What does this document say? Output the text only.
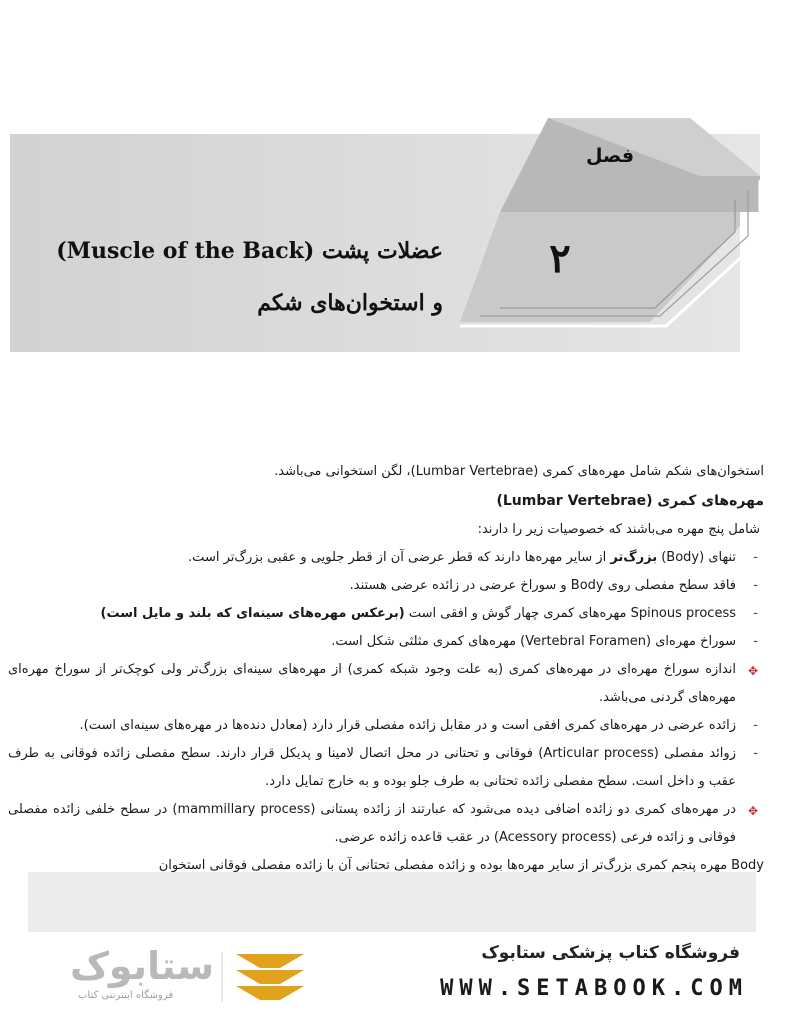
فصل
۲
عضلات پشت (Muscle of the Back)
و استخوان‌های شکم

استخوان‌های شکم شامل مهره‌های کمری (Lumbar Vertebrae)، لگن استخوانی می‌باشد.

مهره‌های کمری (Lumbar Vertebrae)

شامل پنج مهره می‌باشند که خصوصیات زیر را دارند:

-
تنهای (Body) بزرگ‌تر از سایر مهره‌ها دارند که قطر عرضی آن از قطر جلویی و عقبی بزرگ‌تر است.
-
فاقد سطح مفصلی روی Body و سوراخ عرضی در زائده عرضی هستند.
-
Spinous process مهره‌های کمری چهار گوش و افقی است (برعکس مهره‌های سینه‌ای که بلند و مایل است)
-
سوراخ مهره‌ای (Vertebral Foramen) مهره‌های کمری مثلثی شکل است.
✥
اندازه سوراخ مهره‌ای در مهره‌های کمری (به علت وجود شبکه کمری) از مهره‌های سینه‌ای بزرگ‌تر ولی کوچک‌تر از سوراخ مهره‌ای مهره‌های گردنی می‌باشد.
-
زائده عرضی در مهره‌های کمری افقی است و در مقابل زائده مفصلی قرار دارد (معادل دنده‌ها در مهره‌های سینه‌ای است).
-
زوائد مفصلی (Articular process) فوقانی و تحتانی در محل اتصال لامینا و پدیکل قرار دارند. سطح مفصلی زائده فوقانی به طرف عقب و داخل است. سطح مفصلی زائده تحتانی به طرف جلو بوده و به خارج تمایل دارد.
✥
در مهره‌های کمری دو زائده اضافی دیده می‌شود که عبارتند از زائده پستانی (mammillary process) در سطح خلفی زائده مفصلی فوقانی و زائده فرعی (Acessory process) در عقب قاعده زائده عرضی.

Body مهره پنجم کمری بزرگ‌تر از سایر مهره‌ها بوده و زائده مفصلی تحتانی آن با زائده مفصلی فوقانی استخوان

ستابوک
فروشگاه اینترنتی کتاب
فروشگاه کتاب پزشکی ستابوک
WWW.SETABOOK.COM
